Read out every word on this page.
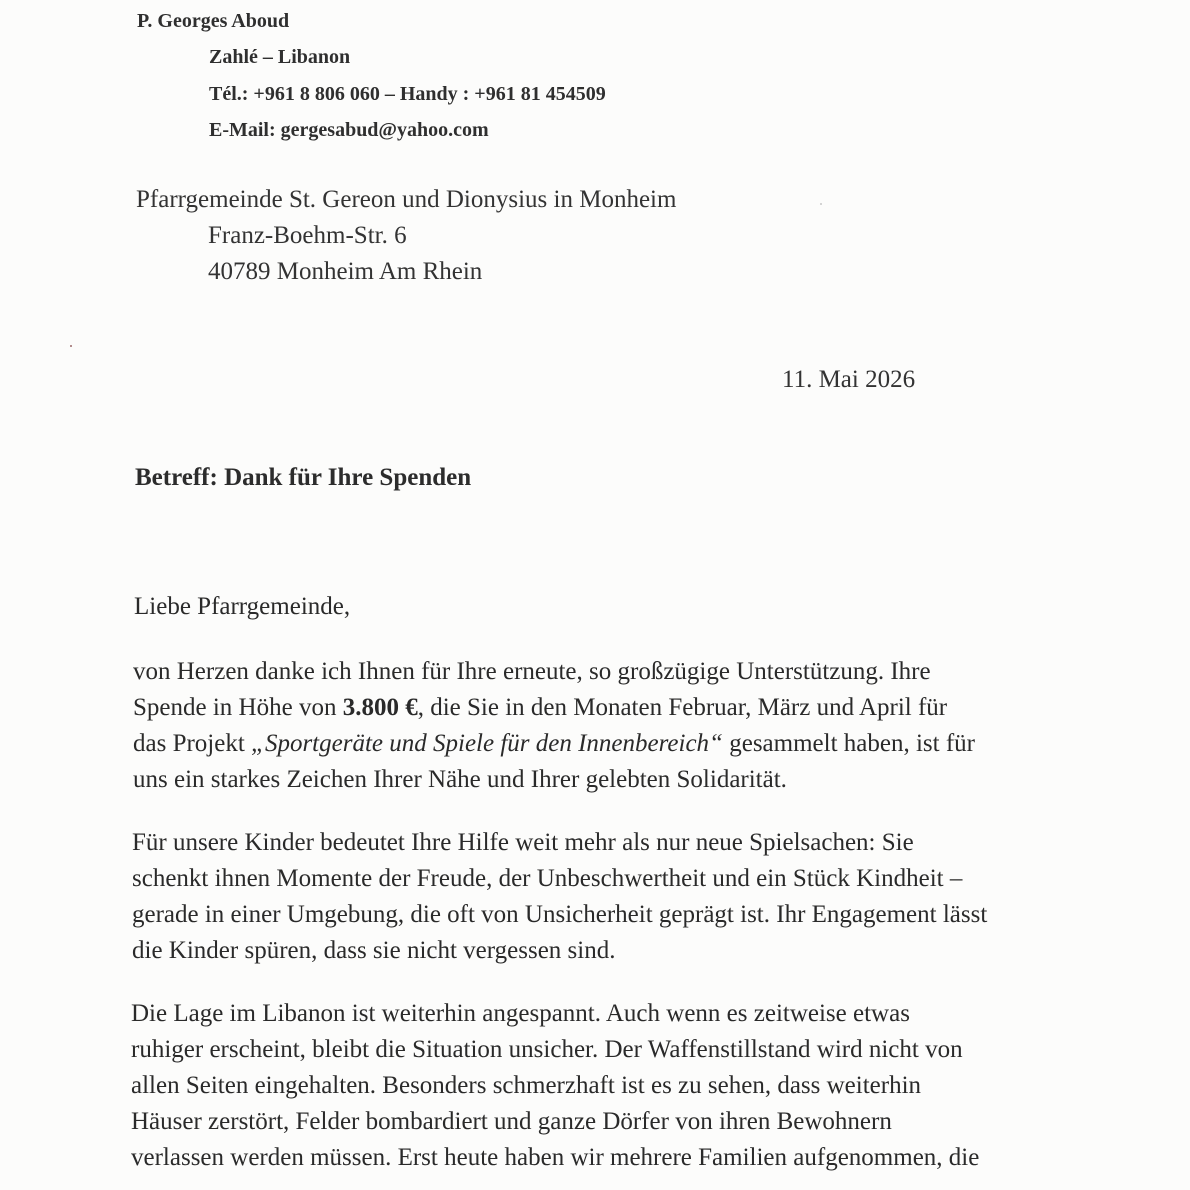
P. Georges Aboud
Zahlé – Libanon
Tél.: +961 8 806 060 – Handy : +961 81 454509
E-Mail: gergesabud@yahoo.com
Pfarrgemeinde St. Gereon und Dionysius in Monheim
Franz-Boehm-Str. 6
40789 Monheim Am Rhein
11. Mai 2026
Betreff: Dank für Ihre Spenden
Liebe Pfarrgemeinde,
von Herzen danke ich Ihnen für Ihre erneute, so großzügige Unterstützung. Ihre
Spende in Höhe von 3.800 €, die Sie in den Monaten Februar, März und April für
das Projekt „Sportgeräte und Spiele für den Innenbereich“ gesammelt haben, ist für
uns ein starkes Zeichen Ihrer Nähe und Ihrer gelebten Solidarität.
Für unsere Kinder bedeutet Ihre Hilfe weit mehr als nur neue Spielsachen: Sie
schenkt ihnen Momente der Freude, der Unbeschwertheit und ein Stück Kindheit –
gerade in einer Umgebung, die oft von Unsicherheit geprägt ist. Ihr Engagement lässt
die Kinder spüren, dass sie nicht vergessen sind.
Die Lage im Libanon ist weiterhin angespannt. Auch wenn es zeitweise etwas
ruhiger erscheint, bleibt die Situation unsicher. Der Waffenstillstand wird nicht von
allen Seiten eingehalten. Besonders schmerzhaft ist es zu sehen, dass weiterhin
Häuser zerstört, Felder bombardiert und ganze Dörfer von ihren Bewohnern
verlassen werden müssen. Erst heute haben wir mehrere Familien aufgenommen, die
